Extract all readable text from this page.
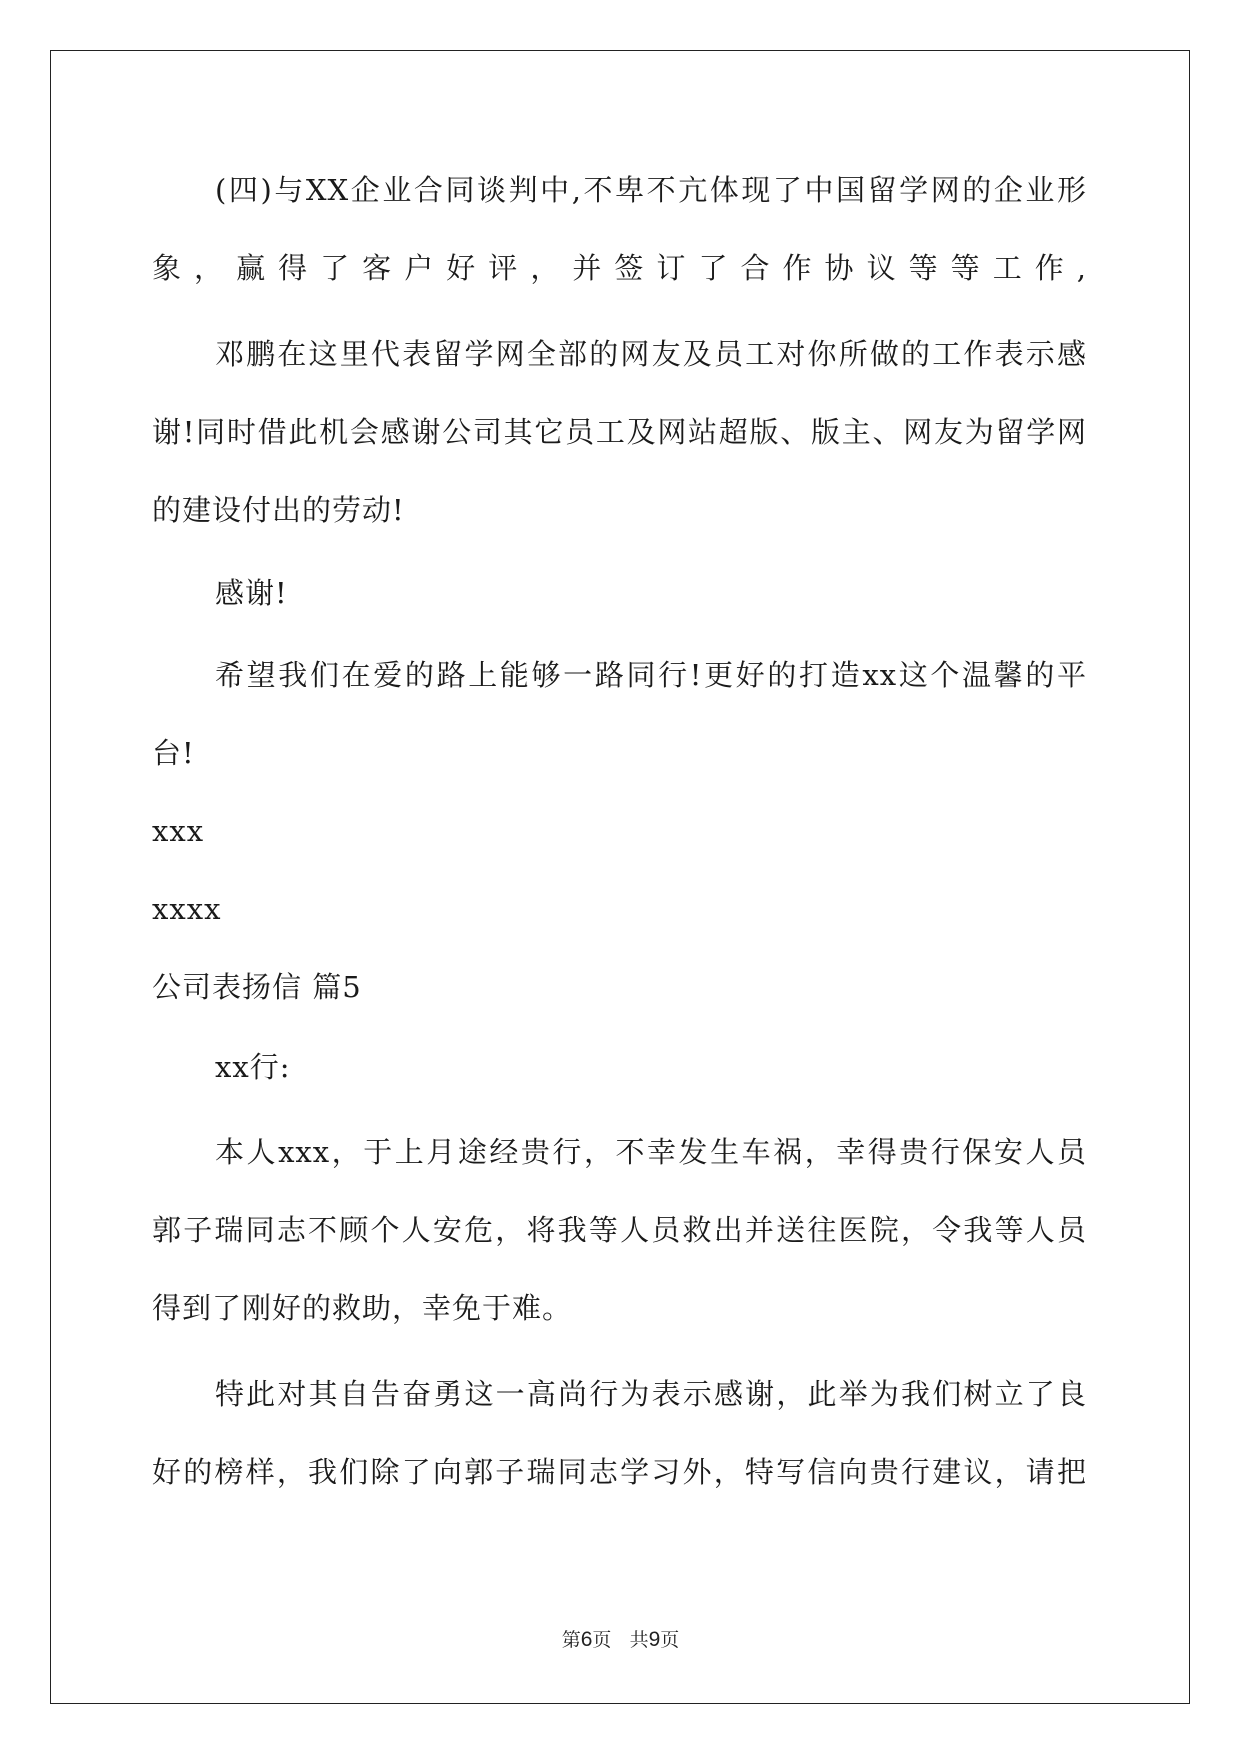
(四)与XX企业合同谈判中,不卑不亢体现了中国留学网的企业形
象，赢得了客户好评，并签订了合作协议等等工作,
邓鹏在这里代表留学网全部的网友及员工对你所做的工作表示感
谢!同时借此机会感谢公司其它员工及网站超版、版主、网友为留学网
的建设付出的劳动!
感谢!
希望我们在爱的路上能够一路同行!更好的打造xx这个温馨的平
台!
xxx
xxxx
公司表扬信 篇5
xx行:
本人xxx，于上月途经贵行，不幸发生车祸，幸得贵行保安人员
郭子瑞同志不顾个人安危，将我等人员救出并送往医院，令我等人员
得到了刚好的救助，幸免于难。
特此对其自告奋勇这一高尚行为表示感谢，此举为我们树立了良
好的榜样，我们除了向郭子瑞同志学习外，特写信向贵行建议，请把
第6页 共9页
